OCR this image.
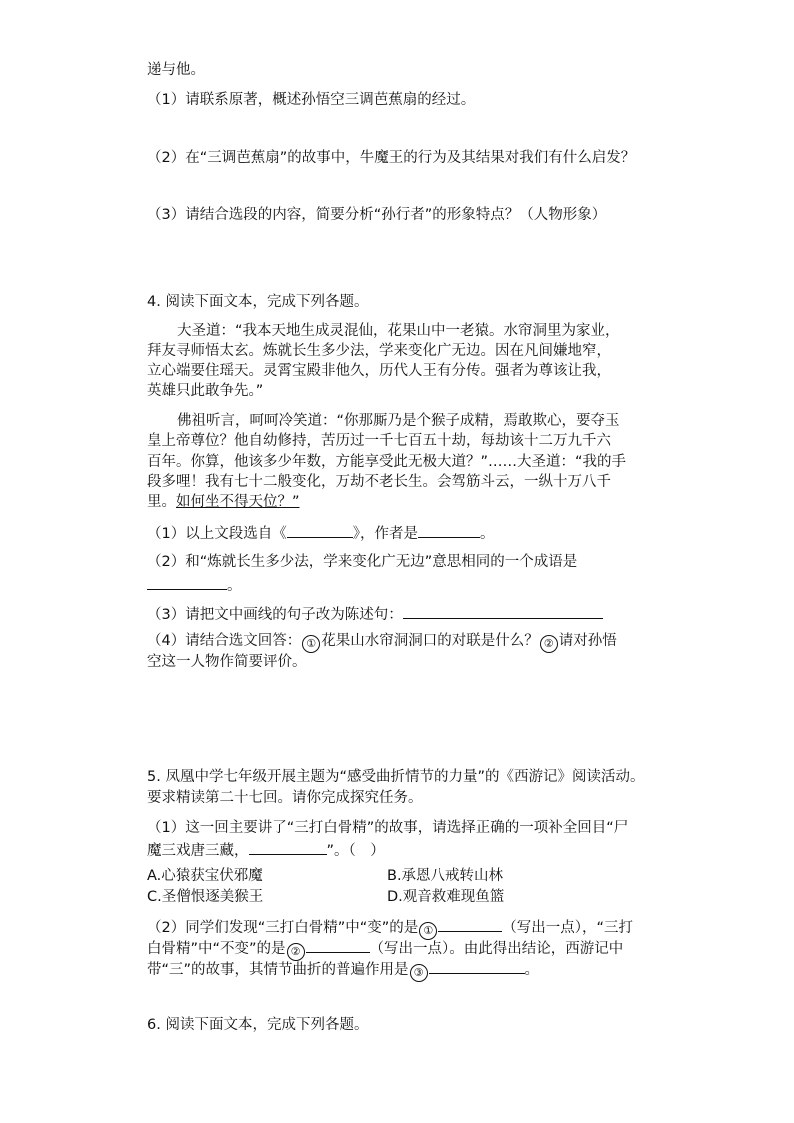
递与他。
（1）请联系原著，概述孙悟空三调芭蕉扇的经过。
（2）在“三调芭蕉扇”的故事中，牛魔王的行为及其结果对我们有什么启发？
（3）请结合选段的内容，简要分析“孙行者”的形象特点？（人物形象）
4. 阅读下面文本，完成下列各题。
大圣道：“我本天地生成灵混仙，花果山中一老猿。水帘洞里为家业，
拜友寻师悟太玄。炼就长生多少法，学来变化广无边。因在凡间嫌地窄，
立心端要住瑶天。灵霄宝殿非他久，历代人王有分传。强者为尊该让我，
英雄只此敢争先。”
佛祖听言，呵呵冷笑道：“你那厮乃是个猴子成精，焉敢欺心，要夺玉
皇上帝尊位？他自幼修持，苦历过一千七百五十劫，每劫该十二万九千六
百年。你算，他该多少年数，方能享受此无极大道？”……大圣道：“我的手
段多哩！我有七十二般变化，万劫不老长生。会驾筋斗云，一纵十万八千
里。如何坐不得天位？”
（1）以上文段选自《	》，作者是	。
（2）和“炼就长生多少法，学来变化广无边”意思相同的一个成语是
。
（3）请把文中画线的句子改为陈述句：
（4）请结合选文回答： ① 花果山水帘洞洞口的对联是什么？ ② 请对孙悟
空这一人物作简要评价。
5. 凤凰中学七年级开展主题为“感受曲折情节的力量”的《西游记》阅读活动。
要求精读第二十七回。请你完成探究任务。
（1）这一回主要讲了“三打白骨精”的故事，请选择正确的一项补全回目“尸
魔三戏唐三藏，	”。（　）
A.心猿获宝伏邪魔	B.承恩八戒转山林
C.圣僧恨逐美猴王	D.观音救难现鱼篮
（2）同学们发现“三打白骨精”中“变”的是 ①	（写出一点），“三打
白骨精”中“不变”的是 ②	（写出一点）。由此得出结论，西游记中
带“三”的故事，其情节曲折的普遍作用是 ③	。
6. 阅读下面文本，完成下列各题。
